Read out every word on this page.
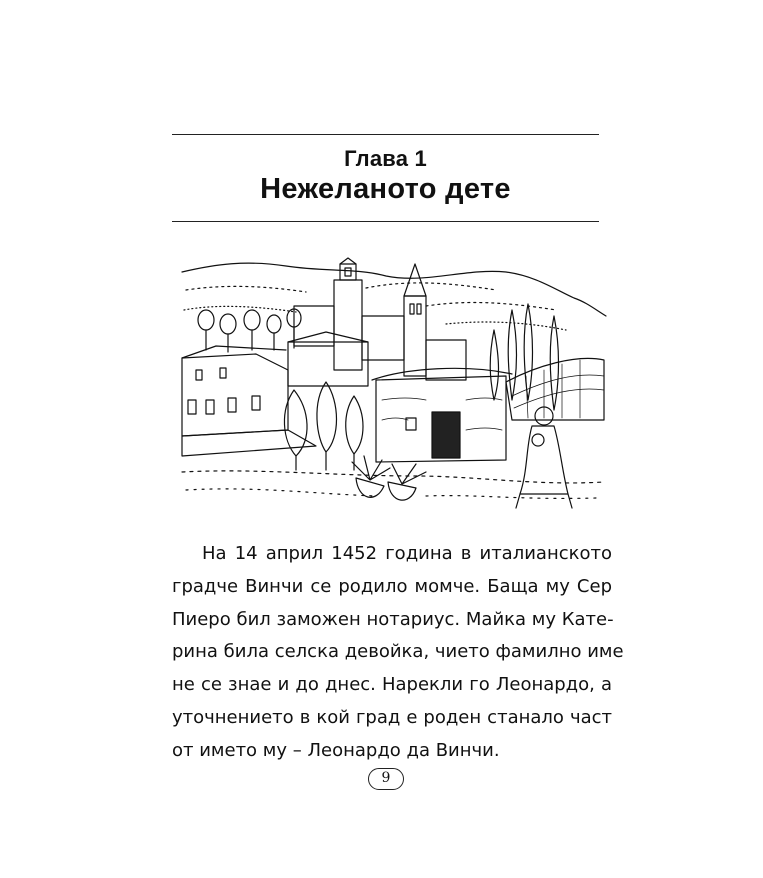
Глава 1
Нежеланото дете
На 14 април 1452 година в италианското
градче Винчи се родило момче. Баща му Сер
Пиеро бил заможен нотариус. Майка му Катe-
рина била селска девойка, чието фамилно име
не се знае и до днес. Нарекли го Леонардо, а
уточнението в кой град е роден станало част
от името му – Леонардо да Винчи.
9
